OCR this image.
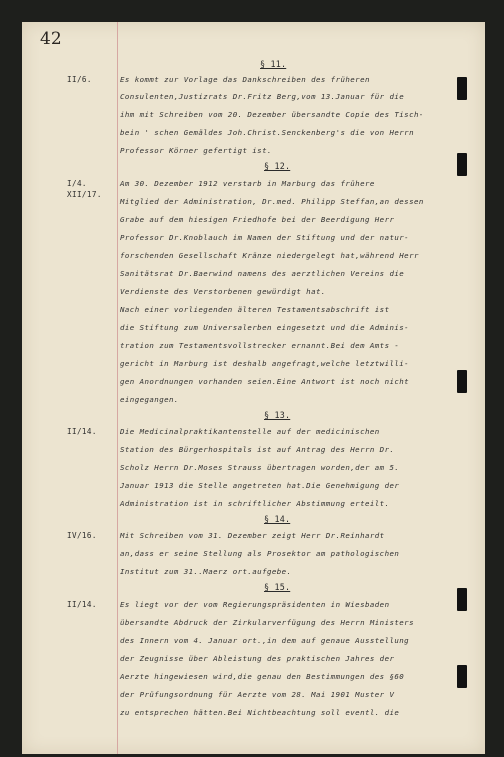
42
§ 11.
II/6.	Es kommt zur Vorlage das Dankschreiben des früheren
Consulenten,Justizrats Dr.Fritz Berg,vom 13.Januar für die
ihm mit Schreiben vom 20. Dezember übersandte Copie des Tisch-
bein ' schen Gemäldes Joh.Christ.Senckenberg's die von Herrn
Professor Körner gefertigt ist.
§ 12.
I/4.
XII/17.
Am 30. Dezember 1912 verstarb in Marburg das frühere
Mitglied der Administration, Dr.med. Philipp Steffan,an dessen
Grabe auf dem hiesigen Friedhofe bei der Beerdigung Herr
Professor Dr.Knoblauch im Namen der Stiftung und der natur-
forschenden Gesellschaft Kränze niedergelegt hat,während Herr
Sanitätsrat Dr.Baerwind namens des aerztlichen Vereins die
Verdienste des Verstorbenen gewürdigt hat.
Nach einer vorliegenden älteren Testamentsabschrift ist
die Stiftung zum Universalerben eingesetzt und die Adminis-
tration zum Testamentsvollstrecker ernannt.Bei dem Amts -
gericht in Marburg ist deshalb angefragt,welche letztwilli-
gen Anordnungen vorhanden seien.Eine Antwort ist noch nicht
eingegangen.
§ 13.
II/14.	Die Medicinalpraktikantenstelle auf der medicinischen
Station des Bürgerhospitals ist auf Antrag des Herrn Dr.
Scholz Herrn Dr.Moses Strauss übertragen worden,der am 5.
Januar 1913 die Stelle angetreten hat.Die Genehmigung der
Administration ist in schriftlicher Abstimmung erteilt.
§ 14.
IV/16.	Mit Schreiben vom 31. Dezember zeigt Herr Dr.Reinhardt
an,dass er seine Stellung als Prosektor am pathologischen
Institut zum 31..Maerz ort.aufgebe.
§ 15.
II/14.	Es liegt vor der vom Regierungspräsidenten in Wiesbaden
übersandte Abdruck der Zirkularverfügung des Herrn Ministers
des Innern vom 4. Januar ort.,in dem auf genaue Ausstellung
der Zeugnisse über Ableistung des praktischen Jahres der
Aerzte hingewiesen wird,die genau den Bestimmungen des §60
der Prüfungsordnung für Aerzte vom 28. Mai 1901 Muster V
zu entsprechen hätten.Bei Nichtbeachtung soll eventl. die
